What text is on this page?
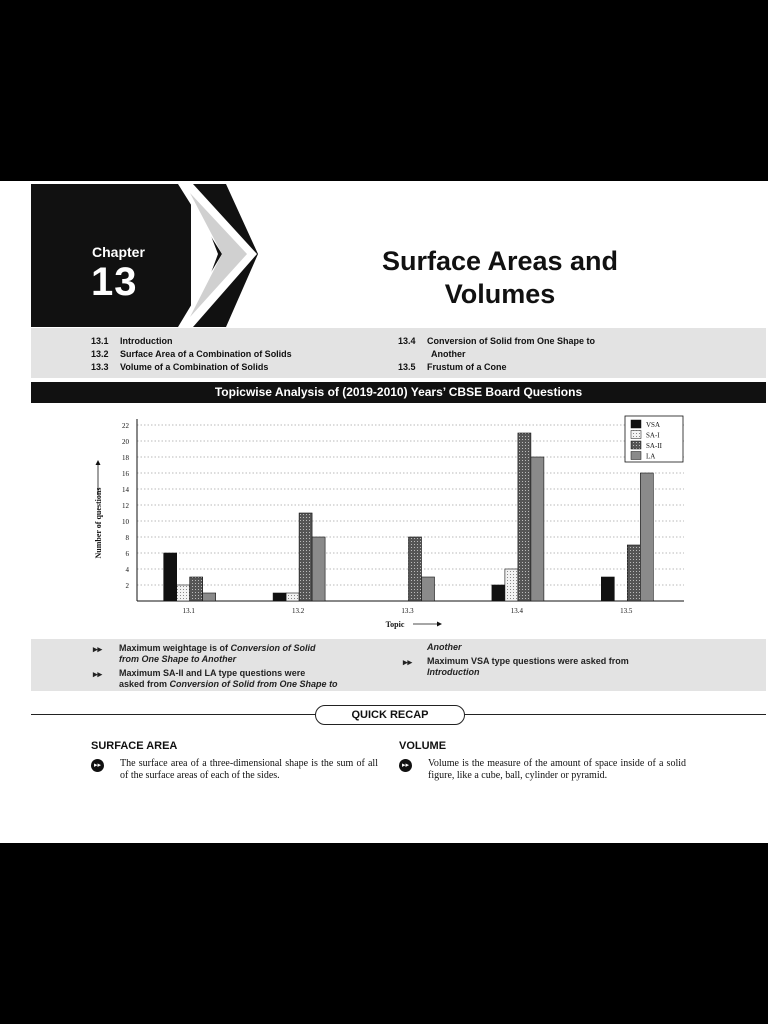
Chapter
13	Surface Areas and
Volumes
13.1 Introduction
13.2 Surface Area of a Combination of Solids
13.3 Volume of a Combination of Solids
13.4 Conversion of Solid from One Shape to
Another
13.5 Frustum of a Cone
Topicwise Analysis of (2019-2010) Years’ CBSE Board Questions
2
4
6
8
10
12
14
16
18
20
22
13.1	13.2	13.3	13.4	13.5
Topic
Number of questions
VSA
SA-I
SA-II
LA
▸▸ Maximum weightage is of Conversion of Solid
from One Shape to Another
▸▸ Maximum SA-II and LA type questions were
asked from Conversion of Solid from One Shape to
Another
▸▸ Maximum VSA type questions were asked from
Introduction
QUICK RECAP
SURFACE AREA
▸▸ The surface area of a three-dimensional shape is the sum of all of the surface areas of each of the sides.
VOLUME
▸▸ Volume is the measure of the amount of space inside of a solid figure, like a cube, ball, cylinder or pyramid.
